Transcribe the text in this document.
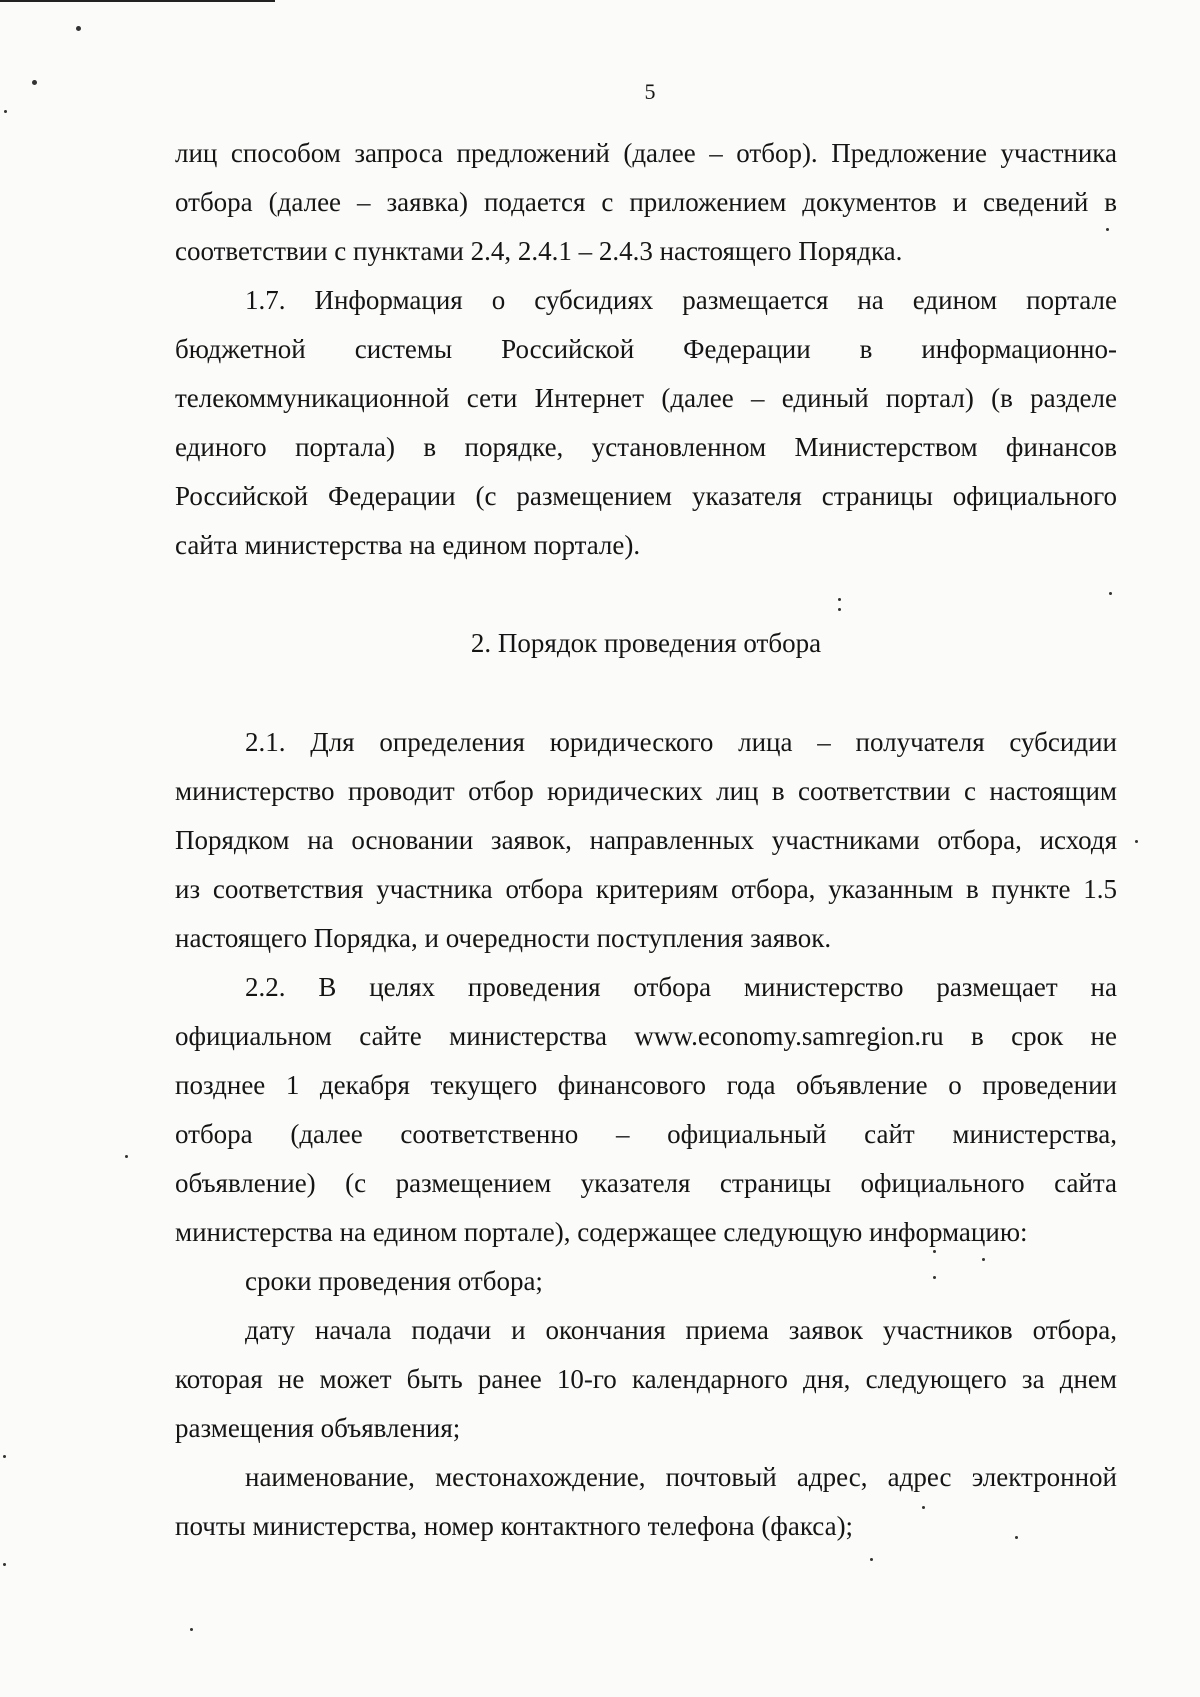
5
лиц способом запроса предложений (далее – отбор). Предложение участника
отбора (далее – заявка) подается с приложением документов и сведений в
соответствии с пунктами 2.4, 2.4.1 – 2.4.3 настоящего Порядка.
1.7. Информация о субсидиях размещается на едином портале
бюджетной системы Российской Федерации в информационно-
телекоммуникационной сети Интернет (далее – единый портал) (в разделе
единого портала) в порядке, установленном Министерством финансов
Российской Федерации (с размещением указателя страницы официального
сайта министерства на едином портале).
2. Порядок проведения отбора
2.1. Для определения юридического лица – получателя субсидии
министерство проводит отбор юридических лиц в соответствии с настоящим
Порядком на основании заявок, направленных участниками отбора, исходя
из соответствия участника отбора критериям отбора, указанным в пункте 1.5
настоящего Порядка, и очередности поступления заявок.
2.2. В целях проведения отбора министерство размещает на
официальном сайте министерства www.economy.samregion.ru в срок не
позднее 1 декабря текущего финансового года объявление о проведении
отбора (далее соответственно – официальный сайт министерства,
объявление) (с размещением указателя страницы официального сайта
министерства на едином портале), содержащее следующую информацию:
сроки проведения отбора;
дату начала подачи и окончания приема заявок участников отбора,
которая не может быть ранее 10-го календарного дня, следующего за днем
размещения объявления;
наименование, местонахождение, почтовый адрес, адрес электронной
почты министерства, номер контактного телефона (факса);
